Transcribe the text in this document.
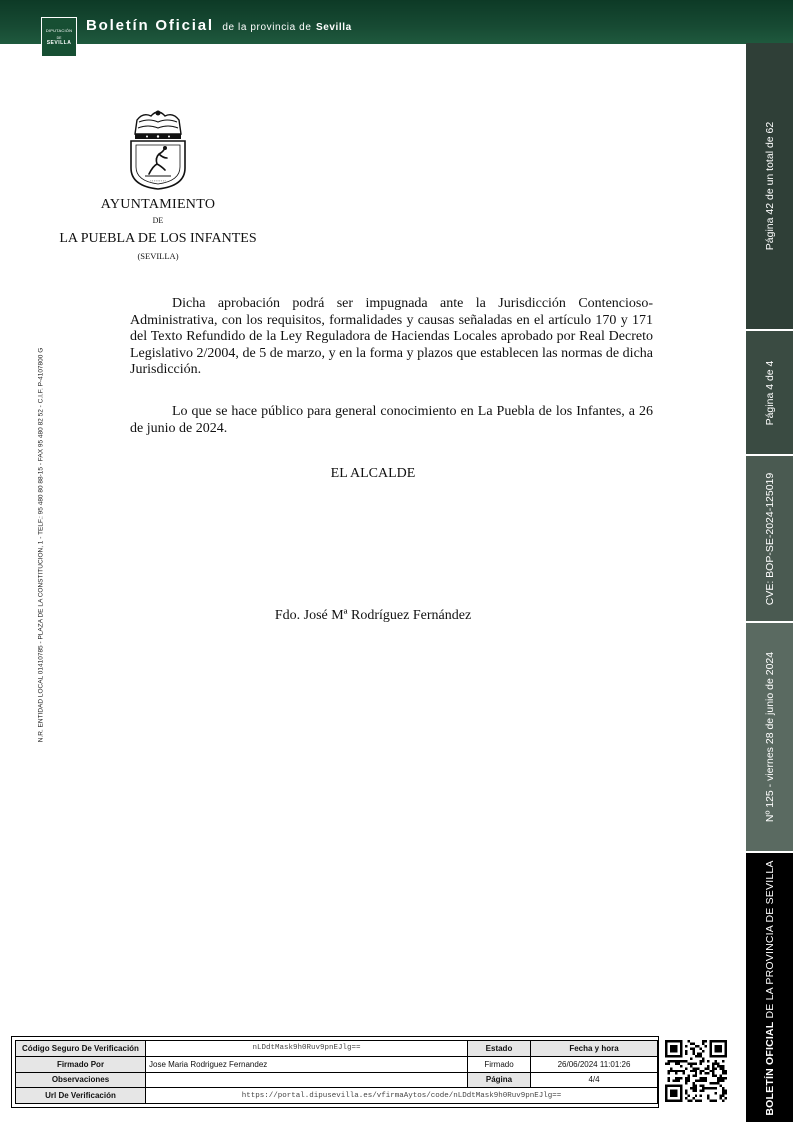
DIPUTACIÓN
DE
SEVILLA
Boletín Oficial de la provincia de Sevilla
Página 42 de un total de 62
Página 4 de 4
CVE: BOP-SE-2024-125019
Nº 125 - viernes 28 de junio de 2024
BOLETÍN OFICIAL DE LA PROVINCIA DE SEVILLA
N.R. ENTIDAD LOCAL 01410785 - PLAZA DE LA CONSTITUCION, 1 - TELF.: 95 480 80 88-15 - FAX 95 480 82 52 - C.I.F. P-4107800 G
• • • • • • • • •
AYUNTAMIENTO
DE
LA PUEBLA DE LOS INFANTES
(SEVILLA)
Dicha aprobación podrá ser impugnada ante la Jurisdicción Contencioso-Administrativa, con los requisitos, formalidades y causas señaladas en el artículo 170 y 171 del Texto Refundido de la Ley Reguladora de Haciendas Locales aprobado por Real Decreto Legislativo 2/2004, de 5 de marzo, y en la forma y plazos que establecen las normas de dicha Jurisdicción.
Lo que se hace público para general conocimiento en La Puebla de los Infantes, a 26 de junio de 2024.
EL ALCALDE
Fdo. José Mª Rodríguez Fernández
Código Seguro De Verificación	nLDdtMask9h0Ruv9pnEJlg==	Estado	Fecha y hora
Firmado Por	Jose Maria Rodriguez Fernandez	Firmado	26/06/2024 11:01:26
Observaciones		Página	4/4
Url De Verificación	https://portal.dipusevilla.es/vfirmaAytos/code/nLDdtMask9h0Ruv9pnEJlg==		
